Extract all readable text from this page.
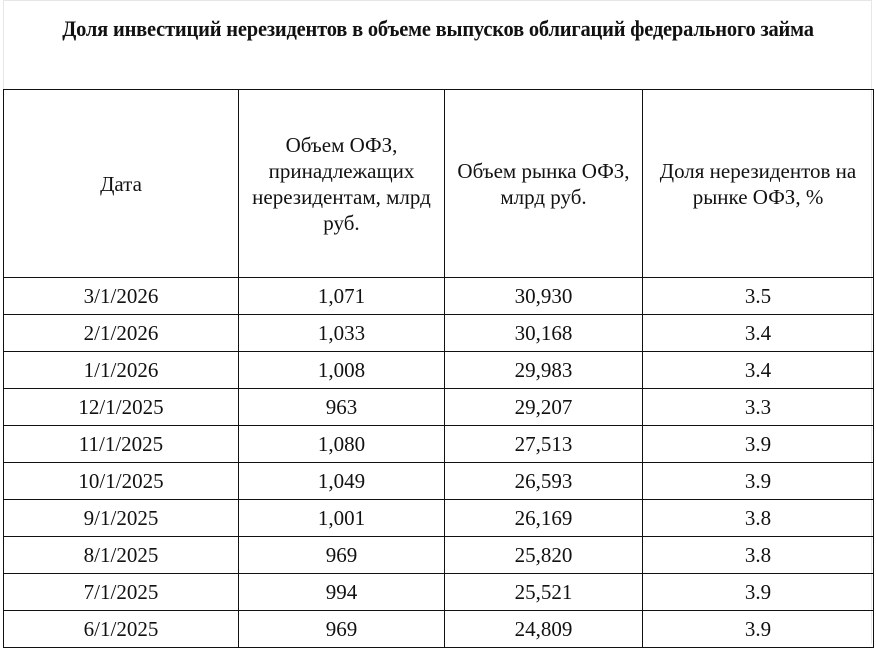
Доля инвестиций нерезидентов в объеме выпусков облигаций федерального займа
Дата	Объем ОФЗ, принадлежащих нерезидентам, млрд руб.	Объем рынка ОФЗ, млрд руб.	Доля нерезидентов на рынке ОФЗ, %
3/1/2026	1,071	30,930	3.5
2/1/2026	1,033	30,168	3.4
1/1/2026	1,008	29,983	3.4
12/1/2025	963	29,207	3.3
11/1/2025	1,080	27,513	3.9
10/1/2025	1,049	26,593	3.9
9/1/2025	1,001	26,169	3.8
8/1/2025	969	25,820	3.8
7/1/2025	994	25,521	3.9
6/1/2025	969	24,809	3.9
